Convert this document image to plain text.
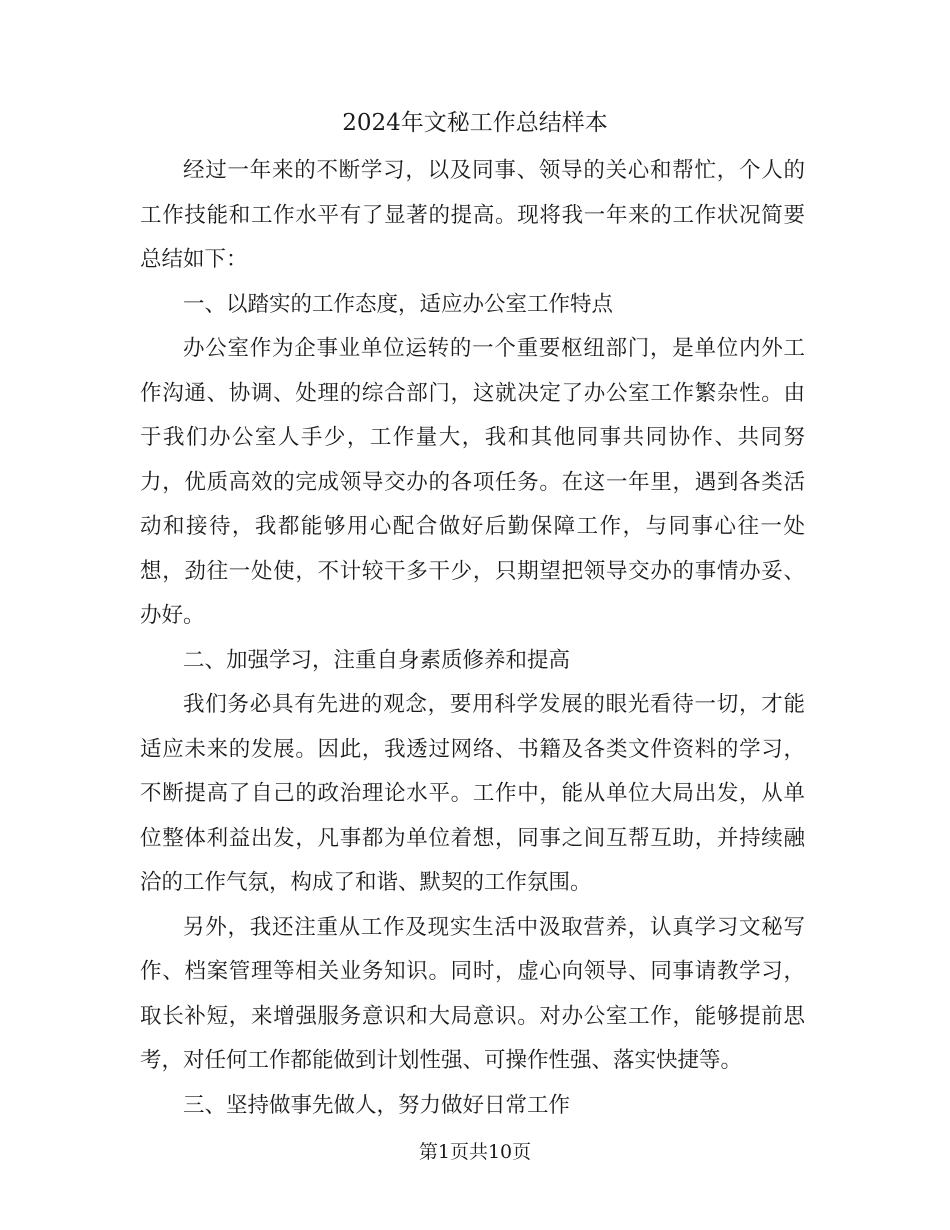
2024年文秘工作总结样本

经过一年来的不断学习，以及同事、领导的关心和帮忙，个人的工作技能和工作水平有了显著的提高。现将我一年来的工作状况简要总结如下：

一、以踏实的工作态度，适应办公室工作特点

办公室作为企事业单位运转的一个重要枢纽部门，是单位内外工作沟通、协调、处理的综合部门，这就决定了办公室工作繁杂性。由于我们办公室人手少，工作量大，我和其他同事共同协作、共同努力，优质高效的完成领导交办的各项任务。在这一年里，遇到各类活动和接待，我都能够用心配合做好后勤保障工作，与同事心往一处想，劲往一处使，不计较干多干少，只期望把领导交办的事情办妥、办好。

二、加强学习，注重自身素质修养和提高

我们务必具有先进的观念，要用科学发展的眼光看待一切，才能适应未来的发展。因此，我透过网络、书籍及各类文件资料的学习，不断提高了自己的政治理论水平。工作中，能从单位大局出发，从单位整体利益出发，凡事都为单位着想，同事之间互帮互助，并持续融洽的工作气氛，构成了和谐、默契的工作氛围。

另外，我还注重从工作及现实生活中汲取营养，认真学习文秘写作、档案管理等相关业务知识。同时，虚心向领导、同事请教学习，取长补短，来增强服务意识和大局意识。对办公室工作，能够提前思考，对任何工作都能做到计划性强、可操作性强、落实快捷等。

三、坚持做事先做人，努力做好日常工作

第1页共10页
